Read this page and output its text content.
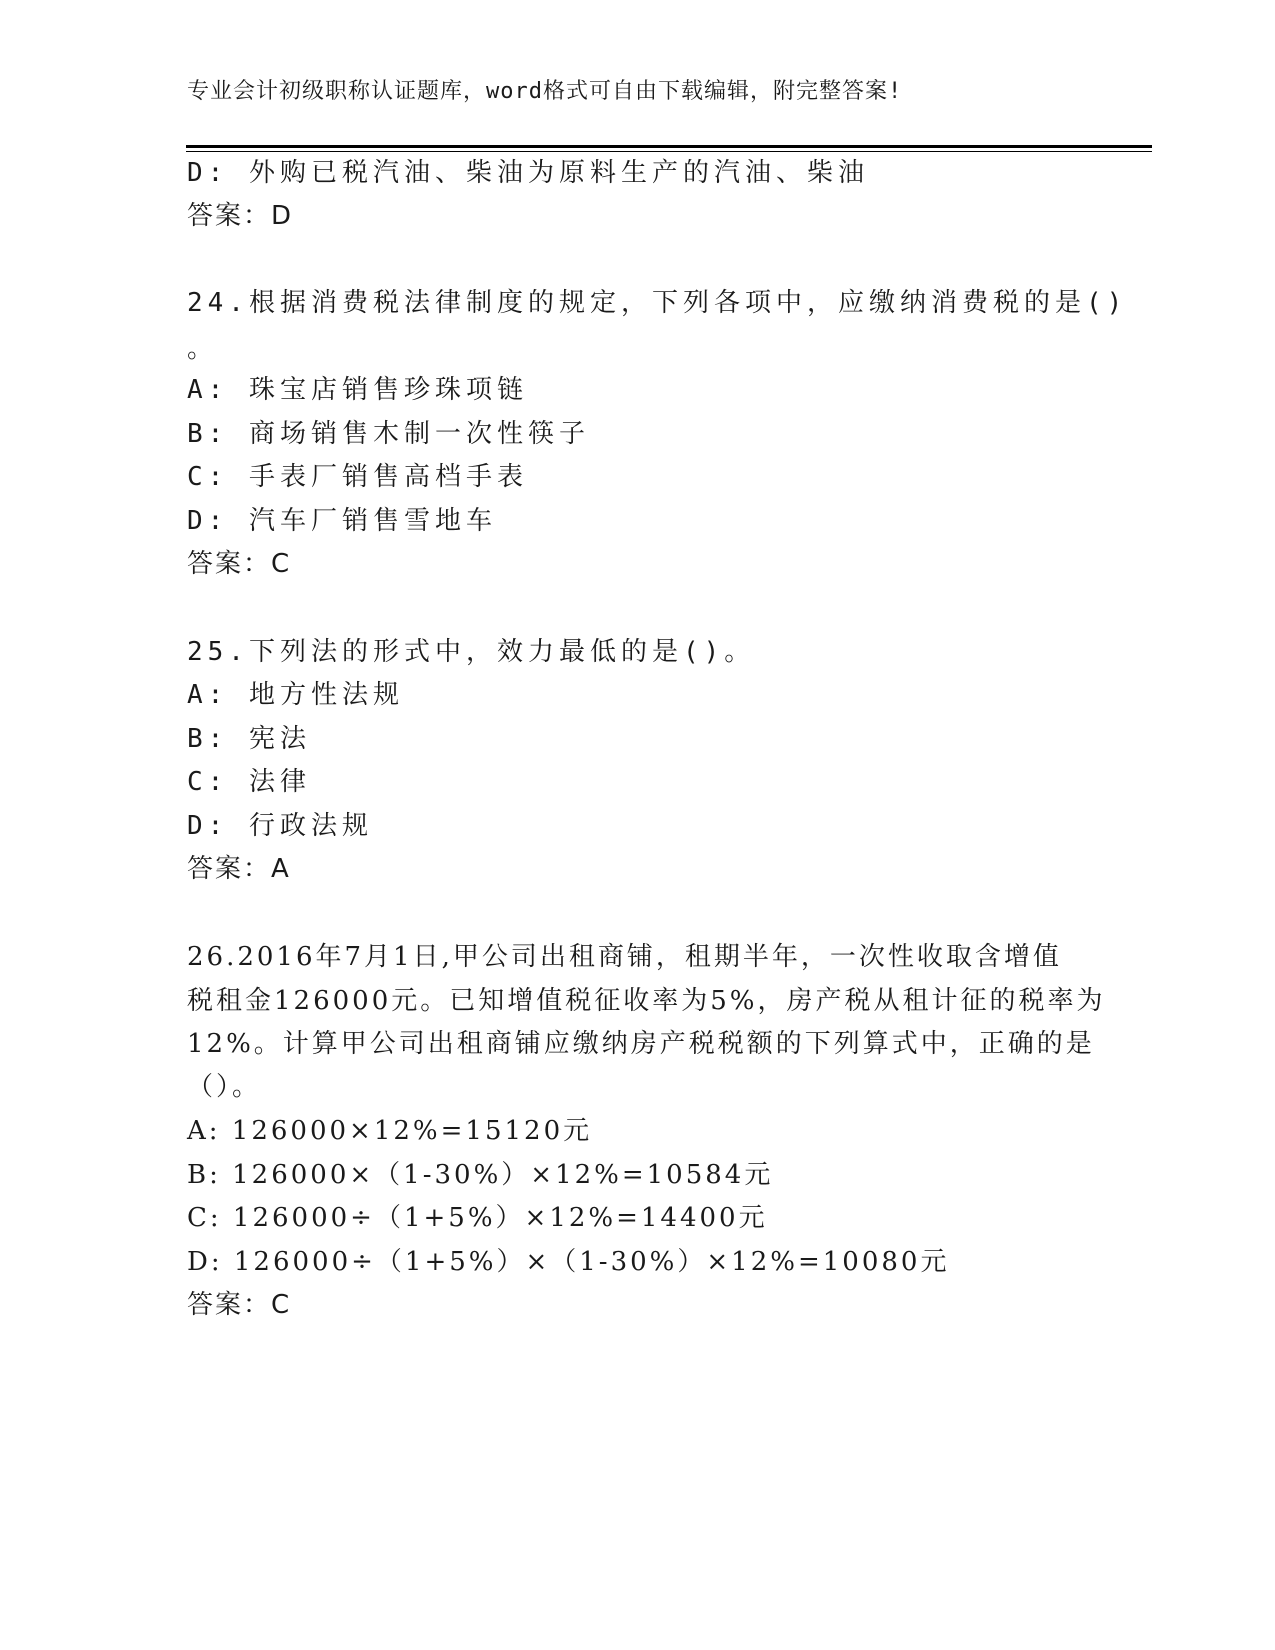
专业会计初级职称认证题库，word格式可自由下载编辑，附完整答案!
D: 外购已税汽油、柴油为原料生产的汽油、柴油
答案：D
24.根据消费税法律制度的规定，下列各项中，应缴纳消费税的是()
。
A: 珠宝店销售珍珠项链
B: 商场销售木制一次性筷子
C: 手表厂销售高档手表
D: 汽车厂销售雪地车
答案：C
25.下列法的形式中，效力最低的是()。
A: 地方性法规
B: 宪法
C: 法律
D: 行政法规
答案：A
26.2016年7月1日,甲公司出租商铺，租期半年，一次性收取含增值
税租金126000元。已知增值税征收率为5%，房产税从租计征的税率为
12%。计算甲公司出租商铺应缴纳房产税税额的下列算式中，正确的是
（）。
A: 126000×12%=15120元
B: 126000×（1-30%）×12%=10584元
C: 126000÷（1+5%）×12%=14400元
D: 126000÷（1+5%）×（1-30%）×12%=10080元
答案：C
